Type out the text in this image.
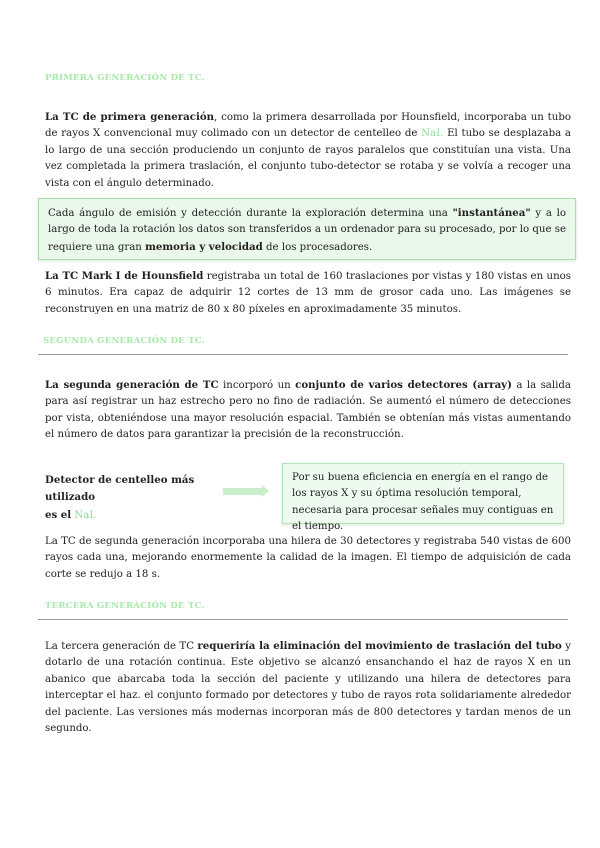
PRIMERA GENERACIÓN DE TC.
La TC de primera generación, como la primera desarrollada por Hounsfield, incorporaba un tubo de rayos X convencional muy colimado con un detector de centelleo de NaI. El tubo se desplazaba a lo largo de una sección produciendo un conjunto de rayos paralelos que constituían una vista. Una vez completada la primera traslación, el conjunto tubo-detector se rotaba y se volvía a recoger una vista con el ángulo determinado.
Cada ángulo de emisión y detección durante la exploración determina una "instantánea" y a lo largo de toda la rotación los datos son transferidos a un ordenador para su procesado, por lo que se requiere una gran memoria y velocidad de los procesadores.
La TC Mark I de Hounsfield registraba un total de 160 traslaciones por vistas y 180 vistas en unos 6 minutos. Era capaz de adquirir 12 cortes de 13 mm de grosor cada uno. Las imágenes se reconstruyen en una matriz de 80 x 80 píxeles en aproximadamente 35 minutos.
SEGUNDA GENERACIÓN DE TC.
La segunda generación de TC incorporó un conjunto de varios detectores (array) a la salida para así registrar un haz estrecho pero no fino de radiación. Se aumentó el número de detecciones por vista, obteniéndose una mayor resolución espacial. También se obtenían más vistas aumentando el número de datos para garantizar la precisión de la reconstrucción.
Detector de centelleo más utilizado
es el NaI.
Por su buena eficiencia en energía en el rango de los rayos X y su óptima resolución temporal, necesaria para procesar señales muy contiguas en el tiempo.
La TC de segunda generación incorporaba una hilera de 30 detectores y registraba 540 vistas de 600 rayos cada una, mejorando enormemente la calidad de la imagen. El tiempo de adquisición de cada corte se redujo a 18 s.
TERCERA GENERACIÓN DE TC.
La tercera generación de TC requeriría la eliminación del movimiento de traslación del tubo y dotarlo de una rotación continua. Este objetivo se alcanzó ensanchando el haz de rayos X en un abanico que abarcaba toda la sección del paciente y utilizando una hilera de detectores para interceptar el haz. el conjunto formado por detectores y tubo de rayos rota solidariamente alrededor del paciente. Las versiones más modernas incorporan más de 800 detectores y tardan menos de un segundo.
